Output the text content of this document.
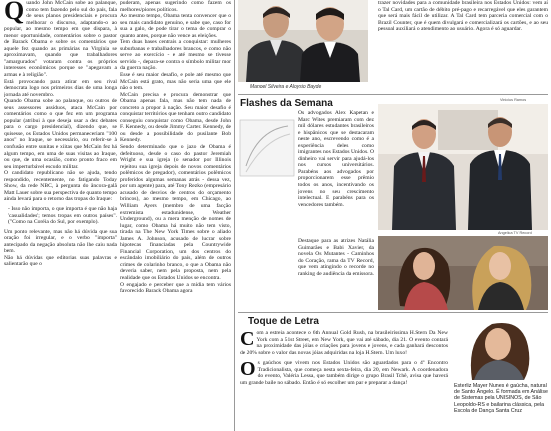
Q uando John McCain sobe ao palanque, como tem fazendo pelo sul do país, fala de seus planos presidenciais e procura melhorar o discurso, adaptando-o ao popular, ao mesmo tempo em que dispara, à menor oportunidade, comentários sobre o pastor de Barack Obama e sobre os comentários que aquele fez quando as primárias na Virgínia se aproximavam, quando que trabalhadores "amargurados" votaram contra os próprios interesses econômicos porque se "apegavam a armas e à religião".

Está provocando para atirar em seu rival democrata logo nos primeiros dias de uma longa jornada até novembro.

Quando Obama sobe ao palanque, ou outros de seus assessores assíduos, ataca McCain por comentários como o que fez em um programa popular (atribui à que deseja usar a dez debates para o cargo presidencial), dizendo que, se quisesse, os Estados Unidos permaneceriam "100 anos" no Iraque, se necessário, ou referir-se à confusão entre sunitas e xiitas que McCain fez há algum tempo, em uma de suas visitas ao Iraque, ou que, de uma ocasião, como pronto fraco em seu imperturbável escudo militar.

O candidato republicano não se ajuda, tendo respondido, recentemente, no fatigando Today Show, da rede NBC, à pergunta do âncora-galã Matt Lauer sobre sua perspectiva de quanto tempo ainda levará para o retorno das tropas do Iraque:

- Isso não importa, o que importa é que não haja 'casualidades'; temos tropas em outros países". ("Como na Coréia do Sul, por exemplo).

Um ponto relevante, mas não há dúvida que sua oração foi irregular, e o verbo "importa" antecipado da negação absoluta não lhe caiu nada bem.

Não há dúvidas que editorias suas palavras e salientarão que o

puderam, apenas sugerindo como fazem os melhores/piores políticos.

Ao mesmo tempo, Obama tenta convencer que o seu mais candidato genuíno, e sabe que, caso for sua a galo, de pode tirar o tema de comprar o quanto antes, porque não vence as eleições.

Tem duas bases centrais a conquistar: mulheres suburbanas e trabalhadores brancos, e como não serve ao exercício - e até mesmo se tivesse servido -, depara-se contra o símbolo militar mor da guerra nação.

Esse é seu maior desafio, e pole até mesmo que McCain está grato, mas não seria uma que ele não o tem.

McCain precisa e procura demonstrar que Obama apenas fala, mas não tem nada de concreto a propor à nação. Seu maior desafio é conquistar territórios que tenham outro candidato conseguiu conquistar como Obama, desde John F. Kennedy, ou desde Jimmy Carter. Kennedy, de ou desde a possibilidade do pusilante Bob Kennedy.

Sendo determinado que o jazo de Obama é defeituoso, desde o caso do pastor Jeremiah Wright e sua igreja (o senador por Illinois rejeitou sua igreja depois de novos comentários polêmicos de pregador), comentários polêmicos proferidos algumas semanas atrás - dessa vez, por um agente) para, até Tony Rezko (empresário acusado de desvios de centros do orçamento brincos), ao mesmo tempo, em Chicago, ao William Ayers (membro de uma facção extremista estadunidense, Weather Underground), ou a mera menção de nomes de lugar, como Obama há muito não tem visto, tirada na The New York Times sobre o aliado James A. Johnson, acusado de lucrar sobre hipotecas financiadas pela Countrywide Financial Corporation, um dos centros do escândalo imobiliário do país, além de outros crimes de colarinho branco, o que a Obama não deveria saber, nem pela proposta, nem pela realidade que os Estados Unidos se encontra.

O engajado e perceber que a mídia tem vários favorecido Barack Obama agora

Manoel Silveira e Aloysio Bayde

trazer novidades para a comunidade brasileira nos Estados Unidos: vem aí o Tal Card, um cartão de débito pré-pago e recarregável que eles garantem que será mais fácil de utilizar. A Tal Card tem parceria comercial com o Brazil Counter, que é quem divulgará e comercializará os cartões, e ao seu pessoal auxiliará o atendimento ao usuário. Agora é só aguardar.

Flashes da Semana

Os advogados Alex Kapetan e Marc Wites premiaram com dez mil dólares estudantes brasileiros e hispânicos que se destacaram neste ano, escrevendo como é a experiência deles como imigrantes nos Estados Unidos. O dinheiro vai servir para ajudá-los nos cursos universitários. Parabéns aos advogados por proporcionarem esse prêmio todos os anos, incentivando os jovens no seu crescimento intelectual. E parabéns para os vencedores também.

Vinicius Ramos
Angelica TV Record

Destaque para as atrizes Natália Guimarães e Babi Xavier, da novela Os Mutantes - Caminhos do Coração, rama da TV Record, que vem atingindo o recorde no ranking de audiência da emissora.

Toque de Letra
C om a estreia acontece o 6th Annual Gold Rush, na brasileiríssima H.Stern Da New York com a 51st Street, em New York, que vai até sábado, dia 21. O evento contará na proximidade das jóias e criações para jovens e jovens, e cada ganhará descontos de 20% sobre o valor das novas jóias adquiridas na loja H.Stern. Um luxo!

O s gaúchos que vivem nos Estados Unidos são aguardados para o 4º Encontro Tradicionalista, que começa nesta sexta-feira, dia 20, em Newark. A coordenadora do evento, Valéria Lessa, que também dirige o grupo Brasil Tchê, avisa que haverá um grande baile no sábado. Então é só escolher um par e preparar a dança!

Esterliz Mayer Nunes é gaúcha, natural de Santo Ângelo. É formada em Análise de Sistemas pela UNISINOS, de São Leopoldo-RS e bailarina clássica, pela Escola de Dança Santa Cruz
